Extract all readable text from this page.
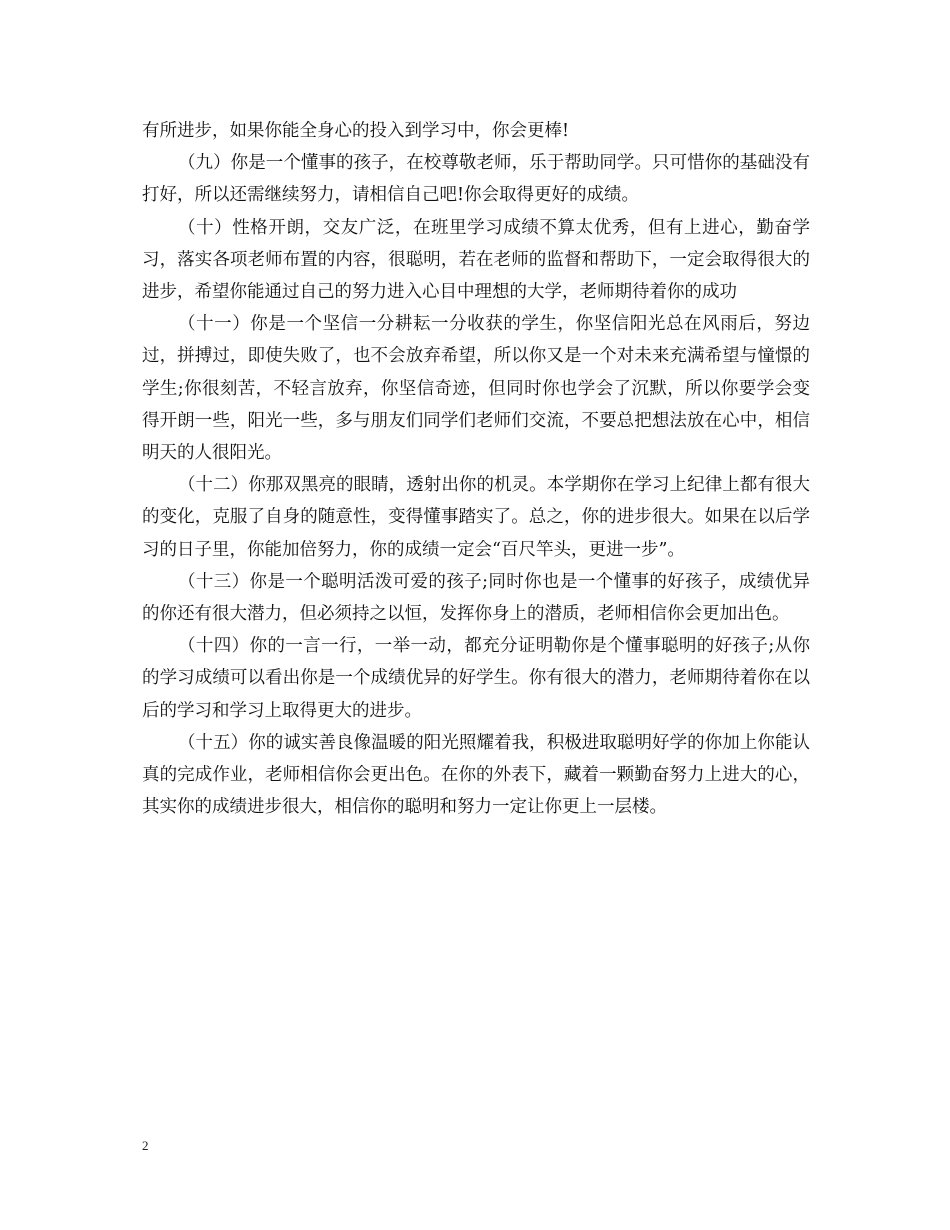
有所进步，如果你能全身心的投入到学习中，你会更棒!

（九）你是一个懂事的孩子，在校尊敬老师，乐于帮助同学。只可惜你的基础没有打好，所以还需继续努力，请相信自己吧!你会取得更好的成绩。

（十）性格开朗，交友广泛，在班里学习成绩不算太优秀，但有上进心，勤奋学习，落实各项老师布置的内容，很聪明，若在老师的监督和帮助下，一定会取得很大的进步，希望你能通过自己的努力进入心目中理想的大学，老师期待着你的成功

（十一）你是一个坚信一分耕耘一分收获的学生，你坚信阳光总在风雨后，努边过，拼搏过，即使失败了，也不会放弃希望，所以你又是一个对未来充满希望与憧憬的学生;你很刻苦，不轻言放弃，你坚信奇迹，但同时你也学会了沉默，所以你要学会变得开朗一些，阳光一些，多与朋友们同学们老师们交流，不要总把想法放在心中，相信明天的人很阳光。

（十二）你那双黑亮的眼睛，透射出你的机灵。本学期你在学习上纪律上都有很大的变化，克服了自身的随意性，变得懂事踏实了。总之，你的进步很大。如果在以后学习的日子里，你能加倍努力，你的成绩一定会“百尺竿头，更进一步”。

（十三）你是一个聪明活泼可爱的孩子;同时你也是一个懂事的好孩子，成绩优异的你还有很大潜力，但必须持之以恒，发挥你身上的潜质，老师相信你会更加出色。

（十四）你的一言一行，一举一动，都充分证明勒你是个懂事聪明的好孩子;从你的学习成绩可以看出你是一个成绩优异的好学生。你有很大的潜力，老师期待着你在以后的学习和学习上取得更大的进步。

（十五）你的诚实善良像温暖的阳光照耀着我，积极进取聪明好学的你加上你能认真的完成作业，老师相信你会更出色。在你的外表下，藏着一颗勤奋努力上进大的心，其实你的成绩进步很大，相信你的聪明和努力一定让你更上一层楼。

2
